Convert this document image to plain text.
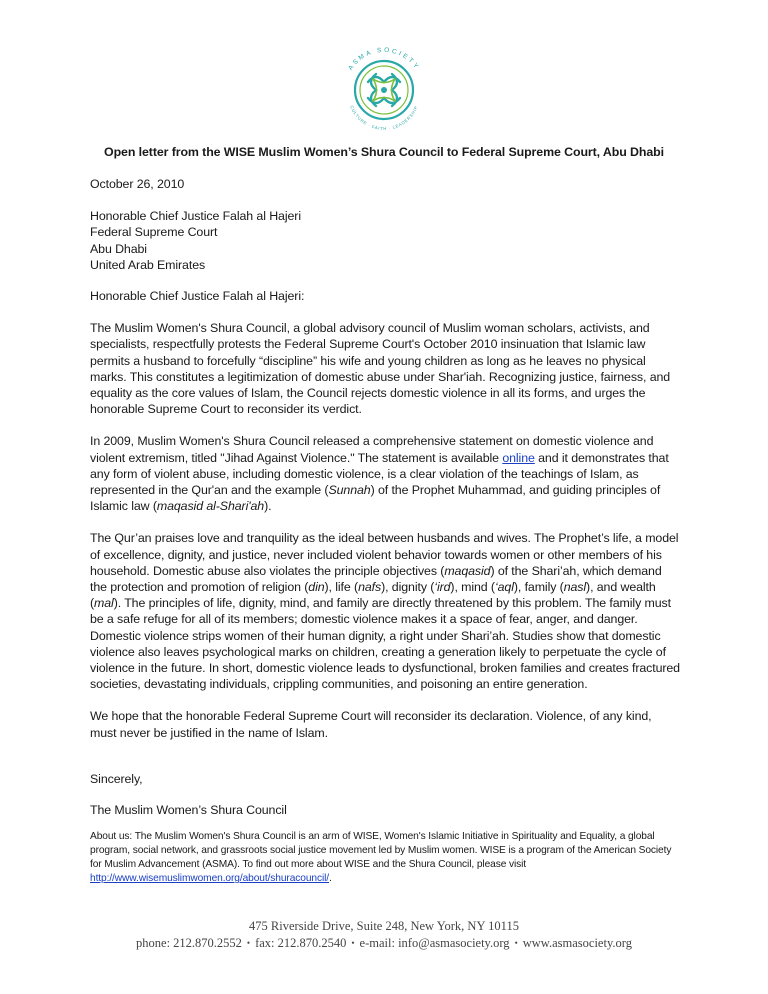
ASMA SOCIETY
CULTURE · FAITH · LEADERSHIP
Open letter from the WISE Muslim Women’s Shura Council to Federal Supreme Court, Abu Dhabi

October 26, 2010

Honorable Chief Justice Falah al Hajeri
Federal Supreme Court
Abu Dhabi
United Arab Emirates

Honorable Chief Justice Falah al Hajeri:

The Muslim Women's Shura Council, a global advisory council of Muslim woman scholars, activists, and specialists, respectfully protests the Federal Supreme Court's October 2010 insinuation that Islamic law permits a husband to forcefully “discipline” his wife and young children as long as he leaves no physical marks. This constitutes a legitimization of domestic abuse under Shar'iah. Recognizing justice, fairness, and equality as the core values of Islam, the Council rejects domestic violence in all its forms, and urges the honorable Supreme Court to reconsider its verdict.

In 2009, Muslim Women's Shura Council released a comprehensive statement on domestic violence and violent extremism, titled "Jihad Against Violence." The statement is available online and it demonstrates that any form of violent abuse, including domestic violence, is a clear violation of the teachings of Islam, as represented in the Qur'an and the example (Sunnah) of the Prophet Muhammad, and guiding principles of Islamic law (maqasid al-Shari'ah).

The Qur’an praises love and tranquility as the ideal between husbands and wives. The Prophet’s life, a model of excellence, dignity, and justice, never included violent behavior towards women or other members of his household. Domestic abuse also violates the principle objectives (maqasid) of the Shari’ah, which demand the protection and promotion of religion (din), life (nafs), dignity (‘ird), mind (‘aql), family (nasl), and wealth (mal). The principles of life, dignity, mind, and family are directly threatened by this problem. The family must be a safe refuge for all of its members; domestic violence makes it a space of fear, anger, and danger. Domestic violence strips women of their human dignity, a right under Shari’ah. Studies show that domestic violence also leaves psychological marks on children, creating a generation likely to perpetuate the cycle of violence in the future. In short, domestic violence leads to dysfunctional, broken families and creates fractured societies, devastating individuals, crippling communities, and poisoning an entire generation.

We hope that the honorable Federal Supreme Court will reconsider its declaration. Violence, of any kind, must never be justified in the name of Islam.

Sincerely,

The Muslim Women’s Shura Council

About us: The Muslim Women's Shura Council is an arm of WISE, Women's Islamic Initiative in Spirituality and Equality, a global program, social network, and grassroots social justice movement led by Muslim women. WISE is a program of the American Society for Muslim Advancement (ASMA). To find out more about WISE and the Shura Council, please visit http://www.wisemuslimwomen.org/about/shuracouncil/.

475 Riverside Drive, Suite 248, New York, NY 10115
phone: 212.870.2552 • fax: 212.870.2540 • e-mail: info@asmasociety.org • www.asmasociety.org
